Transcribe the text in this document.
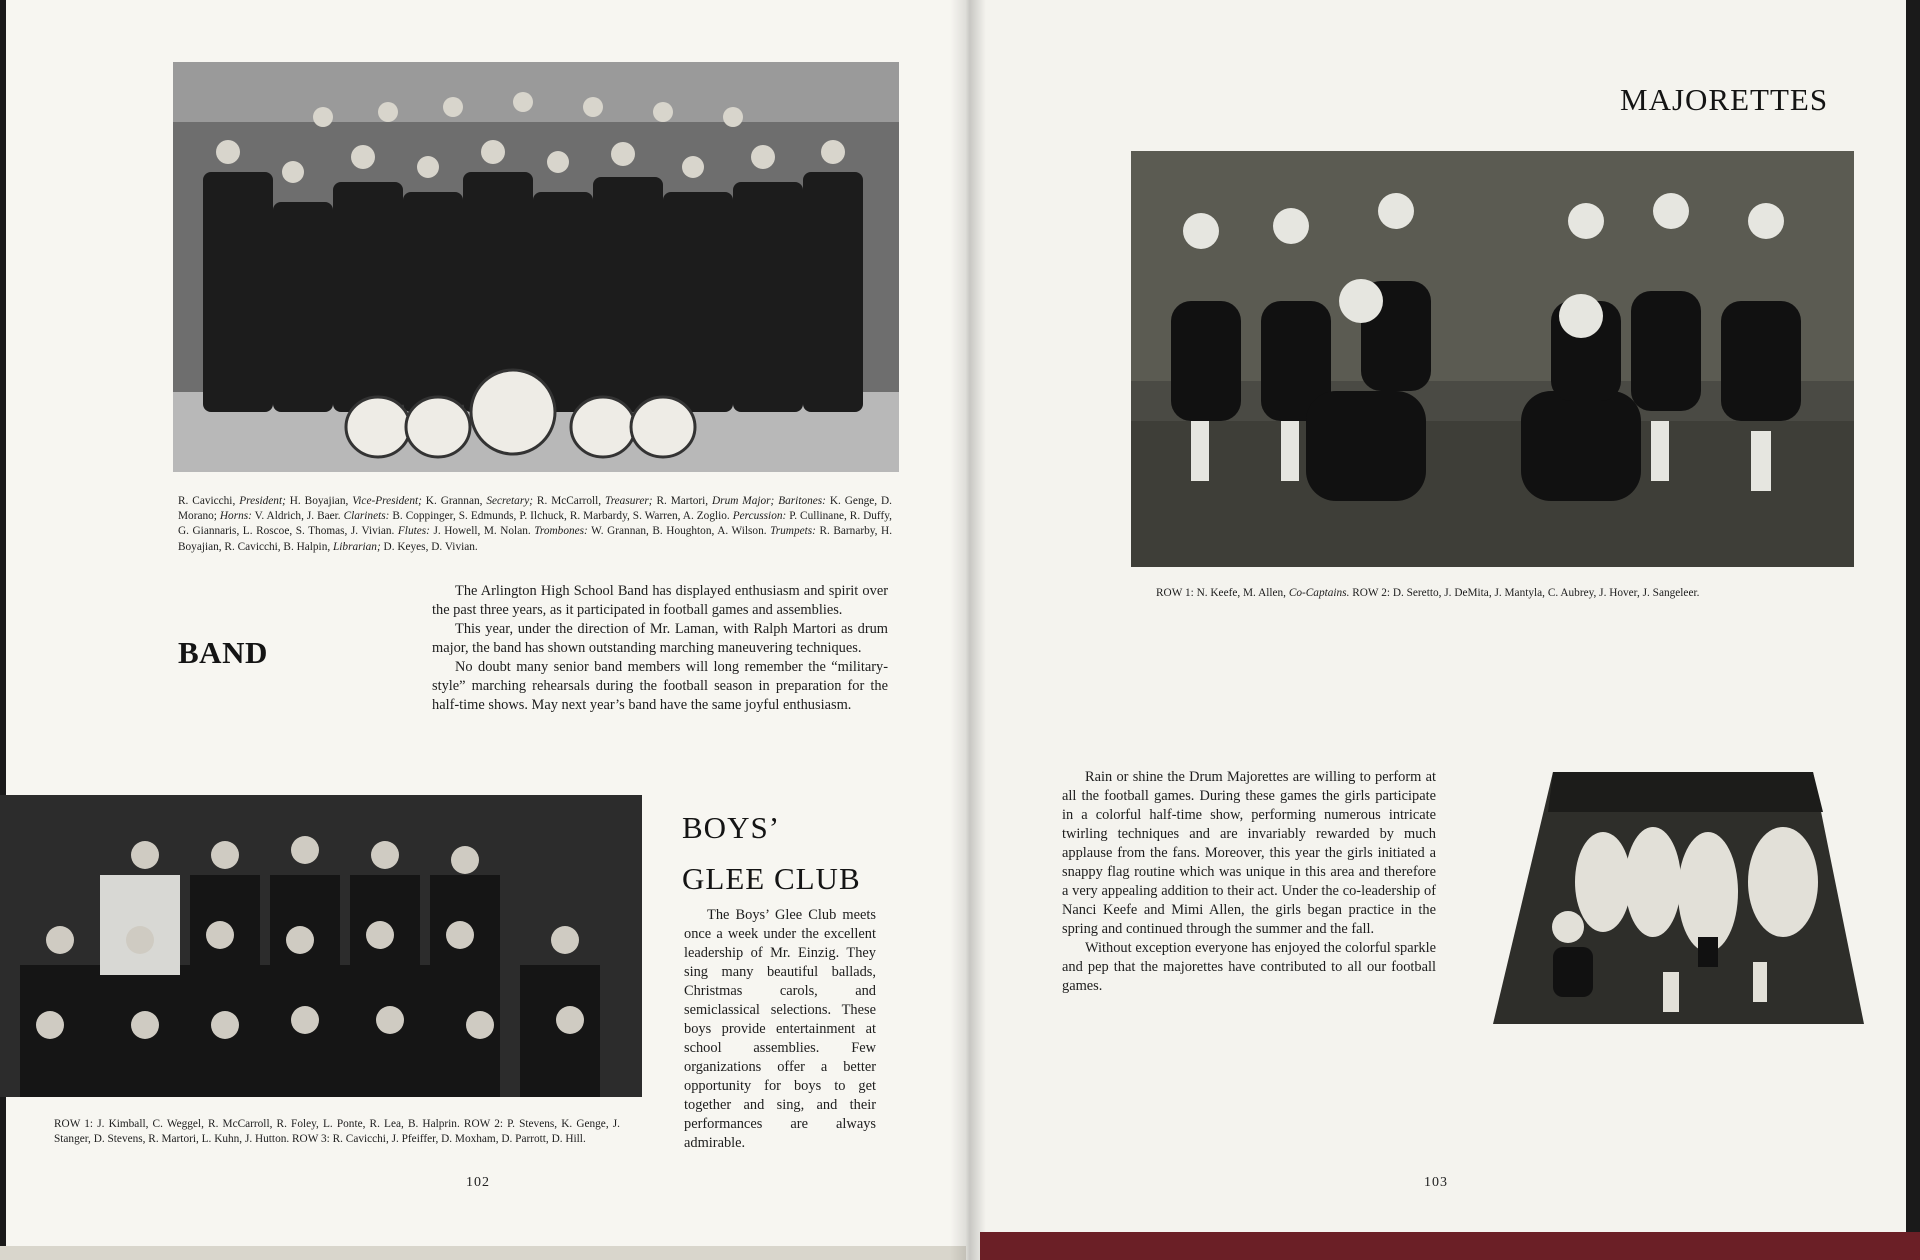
R. Cavicchi, President; H. Boyajian, Vice-President; K. Grannan, Secretary; R. McCarroll, Treasurer; R. Martori, Drum Major; Baritones: K. Genge, D. Morano; Horns: V. Aldrich, J. Baer. Clarinets: B. Coppinger, S. Edmunds, P. Ilchuck, R. Marbardy, S. Warren, A. Zoglio. Percussion: P. Cullinane, R. Duffy, G. Giannaris, L. Roscoe, S. Thomas, J. Vivian. Flutes: J. Howell, M. Nolan. Trombones: W. Grannan, B. Houghton, A. Wilson. Trumpets: R. Barnarby, H. Boyajian, R. Cavicchi, B. Halpin, Librarian; D. Keyes, D. Vivian.
BAND

The Arlington High School Band has displayed enthusiasm and spirit over the past three years, as it participated in football games and assemblies.

This year, under the direction of Mr. Laman, with Ralph Martori as drum major, the band has shown outstanding marching maneuvering techniques.

No doubt many senior band members will long remember the “military-style” marching rehearsals during the football season in preparation for the half-time shows. May next year’s band have the same joyful enthusiasm.

BOYS’
GLEE CLUB

The Boys’ Glee Club meets once a week under the excellent leadership of Mr. Einzig. They sing many beautiful ballads, Christmas carols, and semiclassical selections. These boys provide entertainment at school assemblies. Few organizations offer a better opportunity for boys to get together and sing, and their performances are always admirable.

ROW 1: J. Kimball, C. Weggel, R. McCarroll, R. Foley, L. Ponte, R. Lea, B. Halprin. ROW 2: P. Stevens, K. Genge, J. Stanger, D. Stevens, R. Martori, L. Kuhn, J. Hutton. ROW 3: R. Cavicchi, J. Pfeiffer, D. Moxham, D. Parrott, D. Hill.
102
MAJORETTES
ROW 1: N. Keefe, M. Allen, Co-Captains. ROW 2: D. Seretto, J. DeMita, J. Mantyla, C. Aubrey, J. Hover, J. Sangeleer.

Rain or shine the Drum Majorettes are willing to perform at all the football games. During these games the girls participate in a colorful half-time show, performing numerous intricate twirling techniques and are invariably rewarded by much applause from the fans. Moreover, this year the girls initiated a snappy flag routine which was unique in this area and therefore a very appealing addition to their act. Under the co-leadership of Nanci Keefe and Mimi Allen, the girls began practice in the spring and continued through the summer and the fall.

Without exception everyone has enjoyed the colorful sparkle and pep that the majorettes have contributed to all our football games.

103
